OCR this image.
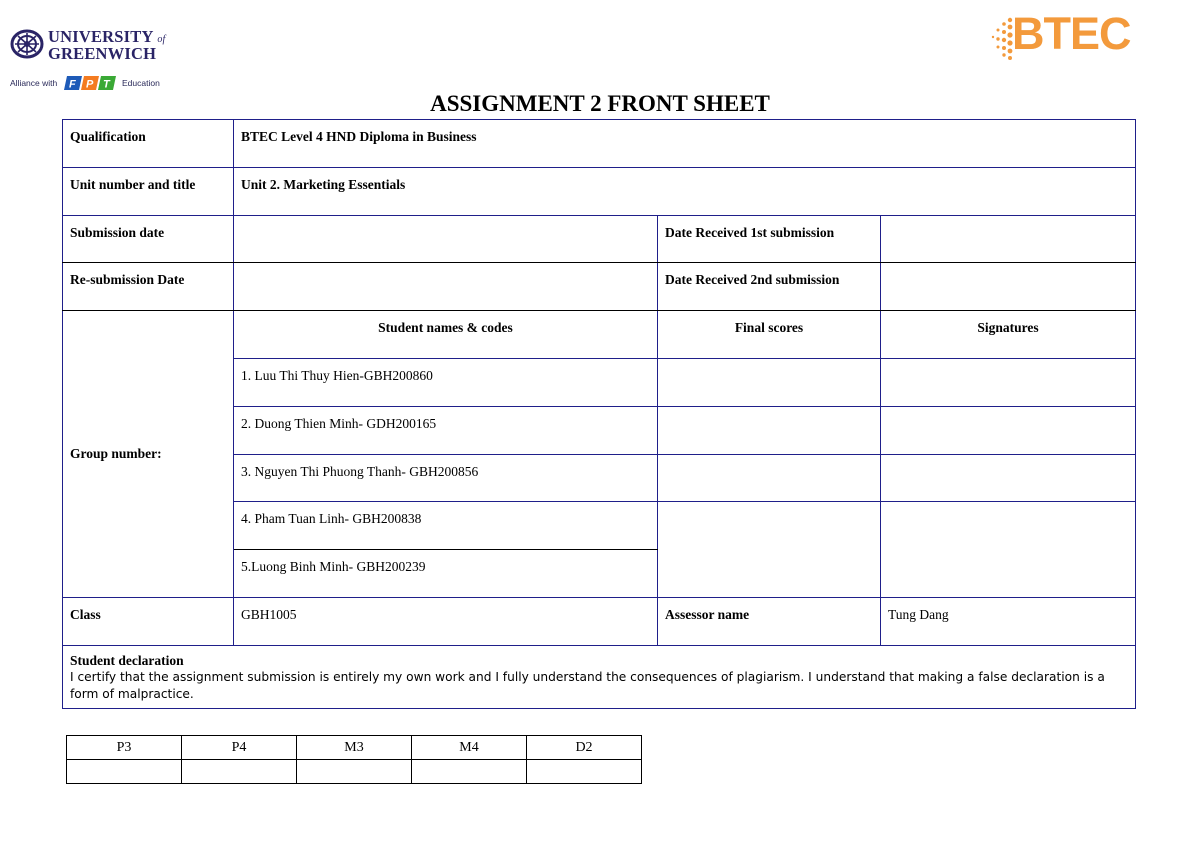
UNIVERSITY of
GREENWICH
Alliance with F P T Education
BTEC
ASSIGNMENT 2 FRONT SHEET
Qualification	BTEC Level 4 HND Diploma in Business		

Unit number and title	Unit 2. Marketing Essentials		

Submission date		Date Received 1st submission	

Re-submission Date		Date Received 2nd submission	

Group number:	Student names & codes	Final scores	Signatures

	1. Luu Thi Thuy Hien-GBH200860		

	2. Duong Thien Minh- GDH200165		

	3. Nguyen Thi Phuong Thanh- GBH200856		

	4. Pham Tuan Linh- GBH200838		

	5.Luong Binh Minh- GBH200239		

Class	GBH1005	Assessor name	Tung Dang

Student declaration
I certify that the assignment submission is entirely my own work and I fully understand the consequences of plagiarism. I understand that making a false declaration is a form of malpractice.			
P3	P4	M3	M4	D2
